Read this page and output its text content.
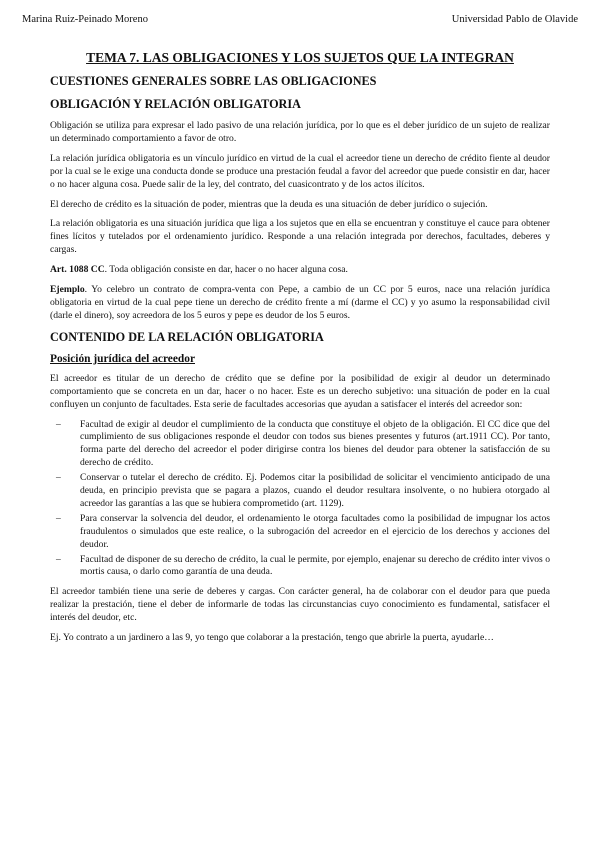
Marina Ruiz-Peinado Moreno	Universidad Pablo de Olavide
TEMA 7. LAS OBLIGACIONES Y LOS SUJETOS QUE LA INTEGRAN
CUESTIONES GENERALES SOBRE LAS OBLIGACIONES
OBLIGACIÓN Y RELACIÓN OBLIGATORIA

Obligación se utiliza para expresar el lado pasivo de una relación jurídica, por lo que es el deber jurídico de un sujeto de realizar un determinado comportamiento a favor de otro.

La relación jurídica obligatoria es un vínculo jurídico en virtud de la cual el acreedor tiene un derecho de crédito fiente al deudor por la cual se le exige una conducta donde se produce una prestación feudal a favor del acreedor que puede consistir en dar, hacer o no hacer alguna cosa. Puede salir de la ley, del contrato, del cuasicontrato y de los actos ilícitos.

El derecho de crédito es la situación de poder, mientras que la deuda es una situación de deber jurídico o sujeción.

La relación obligatoria es una situación jurídica que liga a los sujetos que en ella se encuentran y constituye el cauce para obtener fines lícitos y tutelados por el ordenamiento jurídico. Responde a una relación integrada por derechos, facultades, deberes y cargas.

Art. 1088 CC. Toda obligación consiste en dar, hacer o no hacer alguna cosa.

Ejemplo. Yo celebro un contrato de compra-venta con Pepe, a cambio de un CC por 5 euros, nace una relación jurídica obligatoria en virtud de la cual pepe tiene un derecho de crédito frente a mí (darme el CC) y yo asumo la responsabilidad civil (darle el dinero), soy acreedora de los 5 euros y pepe es deudor de los 5 euros.

CONTENIDO DE LA RELACIÓN OBLIGATORIA
Posición jurídica del acreedor

El acreedor es titular de un derecho de crédito que se define por la posibilidad de exigir al deudor un determinado comportamiento que se concreta en un dar, hacer o no hacer. Este es un derecho subjetivo: una situación de poder en la cual confluyen un conjunto de facultades. Esta serie de facultades accesorias que ayudan a satisfacer el interés del acreedor son:

– Facultad de exigir al deudor el cumplimiento de la conducta que constituye el objeto de la obligación. El CC dice que del cumplimiento de sus obligaciones responde el deudor con todos sus bienes presentes y futuros (art.1911 CC). Por tanto, forma parte del derecho del acreedor el poder dirigirse contra los bienes del deudor para obtener la satisfacción de su derecho de crédito.
– Conservar o tutelar el derecho de crédito. Ej. Podemos citar la posibilidad de solicitar el vencimiento anticipado de una deuda, en principio prevista que se pagara a plazos, cuando el deudor resultara insolvente, o no hubiera otorgado al acreedor las garantías a las que se hubiera comprometido (art. 1129).
– Para conservar la solvencia del deudor, el ordenamiento le otorga facultades como la posibilidad de impugnar los actos fraudulentos o simulados que este realice, o la subrogación del acreedor en el ejercicio de los derechos y acciones del deudor.
– Facultad de disponer de su derecho de crédito, la cual le permite, por ejemplo, enajenar su derecho de crédito inter vivos o mortis causa, o darlo como garantía de una deuda.

El acreedor también tiene una serie de deberes y cargas. Con carácter general, ha de colaborar con el deudor para que pueda realizar la prestación, tiene el deber de informarle de todas las circunstancias cuyo conocimiento es fundamental, satisfacer el interés del deudor, etc.

Ej. Yo contrato a un jardinero a las 9, yo tengo que colaborar a la prestación, tengo que abrirle la puerta, ayudarle…
